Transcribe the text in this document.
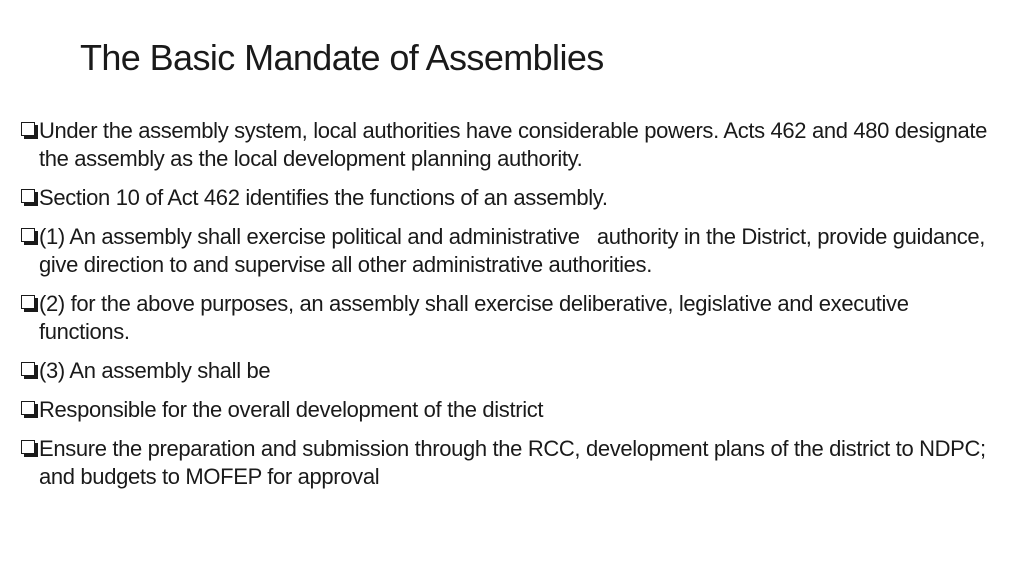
The Basic Mandate of Assemblies
Under the assembly system, local authorities have considerable powers. Acts 462 and 480 designate the assembly as the local development planning authority.
Section 10 of Act 462 identifies the functions of an assembly.
(1) An assembly shall exercise political and administrative   authority in the District, provide guidance, give direction to and supervise all other administrative authorities.
(2) for the above purposes, an assembly shall exercise deliberative, legislative and executive functions.
(3) An assembly shall be
Responsible for the overall development of the district
Ensure the preparation and submission through the RCC, development plans of the district to NDPC; and budgets to MOFEP for approval
